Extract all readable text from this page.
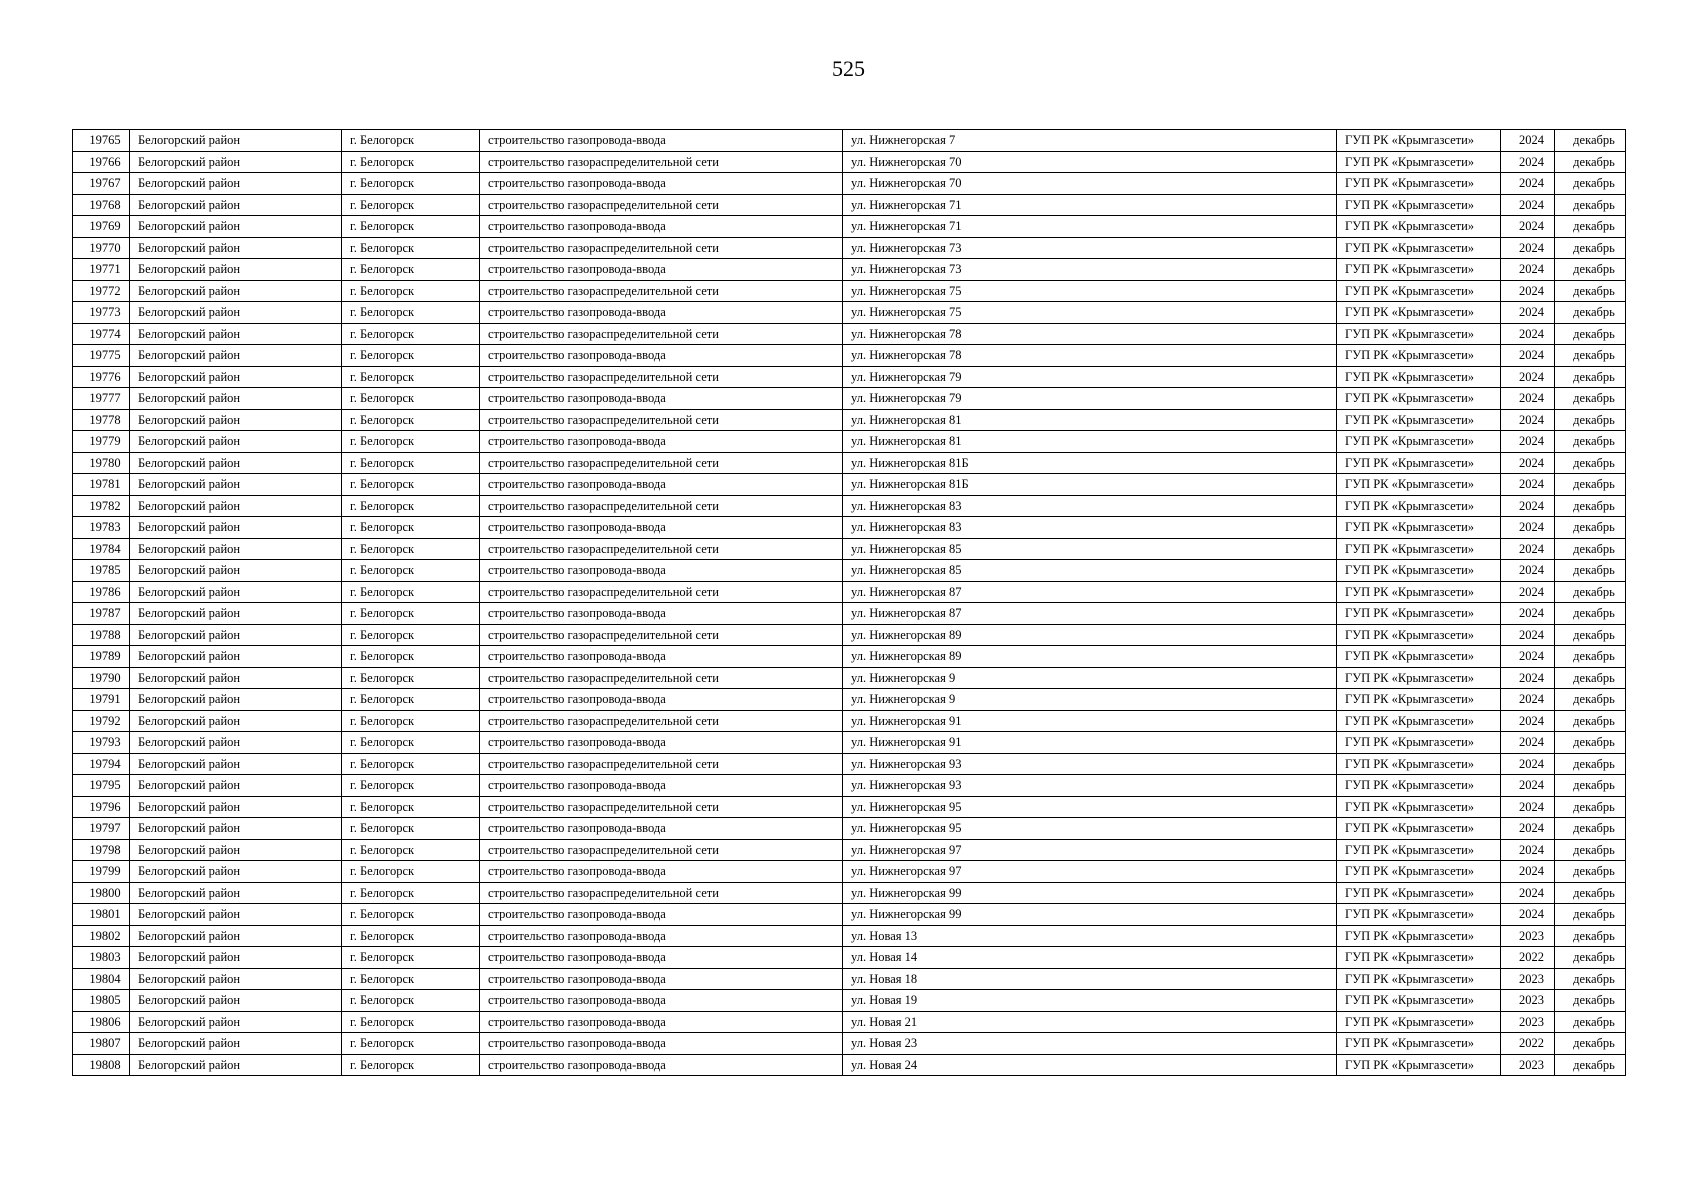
525
19765	Белогорский район	г. Белогорск	строительство газопровода-ввода	ул. Нижнегорская 7	ГУП РК «Крымгазсети»	2024	декабрь
19766	Белогорский район	г. Белогорск	строительство газораспределительной сети	ул. Нижнегорская 70	ГУП РК «Крымгазсети»	2024	декабрь
19767	Белогорский район	г. Белогорск	строительство газопровода-ввода	ул. Нижнегорская 70	ГУП РК «Крымгазсети»	2024	декабрь
19768	Белогорский район	г. Белогорск	строительство газораспределительной сети	ул. Нижнегорская 71	ГУП РК «Крымгазсети»	2024	декабрь
19769	Белогорский район	г. Белогорск	строительство газопровода-ввода	ул. Нижнегорская 71	ГУП РК «Крымгазсети»	2024	декабрь
19770	Белогорский район	г. Белогорск	строительство газораспределительной сети	ул. Нижнегорская 73	ГУП РК «Крымгазсети»	2024	декабрь
19771	Белогорский район	г. Белогорск	строительство газопровода-ввода	ул. Нижнегорская 73	ГУП РК «Крымгазсети»	2024	декабрь
19772	Белогорский район	г. Белогорск	строительство газораспределительной сети	ул. Нижнегорская 75	ГУП РК «Крымгазсети»	2024	декабрь
19773	Белогорский район	г. Белогорск	строительство газопровода-ввода	ул. Нижнегорская 75	ГУП РК «Крымгазсети»	2024	декабрь
19774	Белогорский район	г. Белогорск	строительство газораспределительной сети	ул. Нижнегорская 78	ГУП РК «Крымгазсети»	2024	декабрь
19775	Белогорский район	г. Белогорск	строительство газопровода-ввода	ул. Нижнегорская 78	ГУП РК «Крымгазсети»	2024	декабрь
19776	Белогорский район	г. Белогорск	строительство газораспределительной сети	ул. Нижнегорская 79	ГУП РК «Крымгазсети»	2024	декабрь
19777	Белогорский район	г. Белогорск	строительство газопровода-ввода	ул. Нижнегорская 79	ГУП РК «Крымгазсети»	2024	декабрь
19778	Белогорский район	г. Белогорск	строительство газораспределительной сети	ул. Нижнегорская 81	ГУП РК «Крымгазсети»	2024	декабрь
19779	Белогорский район	г. Белогорск	строительство газопровода-ввода	ул. Нижнегорская 81	ГУП РК «Крымгазсети»	2024	декабрь
19780	Белогорский район	г. Белогорск	строительство газораспределительной сети	ул. Нижнегорская 81Б	ГУП РК «Крымгазсети»	2024	декабрь
19781	Белогорский район	г. Белогорск	строительство газопровода-ввода	ул. Нижнегорская 81Б	ГУП РК «Крымгазсети»	2024	декабрь
19782	Белогорский район	г. Белогорск	строительство газораспределительной сети	ул. Нижнегорская 83	ГУП РК «Крымгазсети»	2024	декабрь
19783	Белогорский район	г. Белогорск	строительство газопровода-ввода	ул. Нижнегорская 83	ГУП РК «Крымгазсети»	2024	декабрь
19784	Белогорский район	г. Белогорск	строительство газораспределительной сети	ул. Нижнегорская 85	ГУП РК «Крымгазсети»	2024	декабрь
19785	Белогорский район	г. Белогорск	строительство газопровода-ввода	ул. Нижнегорская 85	ГУП РК «Крымгазсети»	2024	декабрь
19786	Белогорский район	г. Белогорск	строительство газораспределительной сети	ул. Нижнегорская 87	ГУП РК «Крымгазсети»	2024	декабрь
19787	Белогорский район	г. Белогорск	строительство газопровода-ввода	ул. Нижнегорская 87	ГУП РК «Крымгазсети»	2024	декабрь
19788	Белогорский район	г. Белогорск	строительство газораспределительной сети	ул. Нижнегорская 89	ГУП РК «Крымгазсети»	2024	декабрь
19789	Белогорский район	г. Белогорск	строительство газопровода-ввода	ул. Нижнегорская 89	ГУП РК «Крымгазсети»	2024	декабрь
19790	Белогорский район	г. Белогорск	строительство газораспределительной сети	ул. Нижнегорская 9	ГУП РК «Крымгазсети»	2024	декабрь
19791	Белогорский район	г. Белогорск	строительство газопровода-ввода	ул. Нижнегорская 9	ГУП РК «Крымгазсети»	2024	декабрь
19792	Белогорский район	г. Белогорск	строительство газораспределительной сети	ул. Нижнегорская 91	ГУП РК «Крымгазсети»	2024	декабрь
19793	Белогорский район	г. Белогорск	строительство газопровода-ввода	ул. Нижнегорская 91	ГУП РК «Крымгазсети»	2024	декабрь
19794	Белогорский район	г. Белогорск	строительство газораспределительной сети	ул. Нижнегорская 93	ГУП РК «Крымгазсети»	2024	декабрь
19795	Белогорский район	г. Белогорск	строительство газопровода-ввода	ул. Нижнегорская 93	ГУП РК «Крымгазсети»	2024	декабрь
19796	Белогорский район	г. Белогорск	строительство газораспределительной сети	ул. Нижнегорская 95	ГУП РК «Крымгазсети»	2024	декабрь
19797	Белогорский район	г. Белогорск	строительство газопровода-ввода	ул. Нижнегорская 95	ГУП РК «Крымгазсети»	2024	декабрь
19798	Белогорский район	г. Белогорск	строительство газораспределительной сети	ул. Нижнегорская 97	ГУП РК «Крымгазсети»	2024	декабрь
19799	Белогорский район	г. Белогорск	строительство газопровода-ввода	ул. Нижнегорская 97	ГУП РК «Крымгазсети»	2024	декабрь
19800	Белогорский район	г. Белогорск	строительство газораспределительной сети	ул. Нижнегорская 99	ГУП РК «Крымгазсети»	2024	декабрь
19801	Белогорский район	г. Белогорск	строительство газопровода-ввода	ул. Нижнегорская 99	ГУП РК «Крымгазсети»	2024	декабрь
19802	Белогорский район	г. Белогорск	строительство газопровода-ввода	ул. Новая 13	ГУП РК «Крымгазсети»	2023	декабрь
19803	Белогорский район	г. Белогорск	строительство газопровода-ввода	ул. Новая 14	ГУП РК «Крымгазсети»	2022	декабрь
19804	Белогорский район	г. Белогорск	строительство газопровода-ввода	ул. Новая 18	ГУП РК «Крымгазсети»	2023	декабрь
19805	Белогорский район	г. Белогорск	строительство газопровода-ввода	ул. Новая 19	ГУП РК «Крымгазсети»	2023	декабрь
19806	Белогорский район	г. Белогорск	строительство газопровода-ввода	ул. Новая 21	ГУП РК «Крымгазсети»	2023	декабрь
19807	Белогорский район	г. Белогорск	строительство газопровода-ввода	ул. Новая 23	ГУП РК «Крымгазсети»	2022	декабрь
19808	Белогорский район	г. Белогорск	строительство газопровода-ввода	ул. Новая 24	ГУП РК «Крымгазсети»	2023	декабрь
